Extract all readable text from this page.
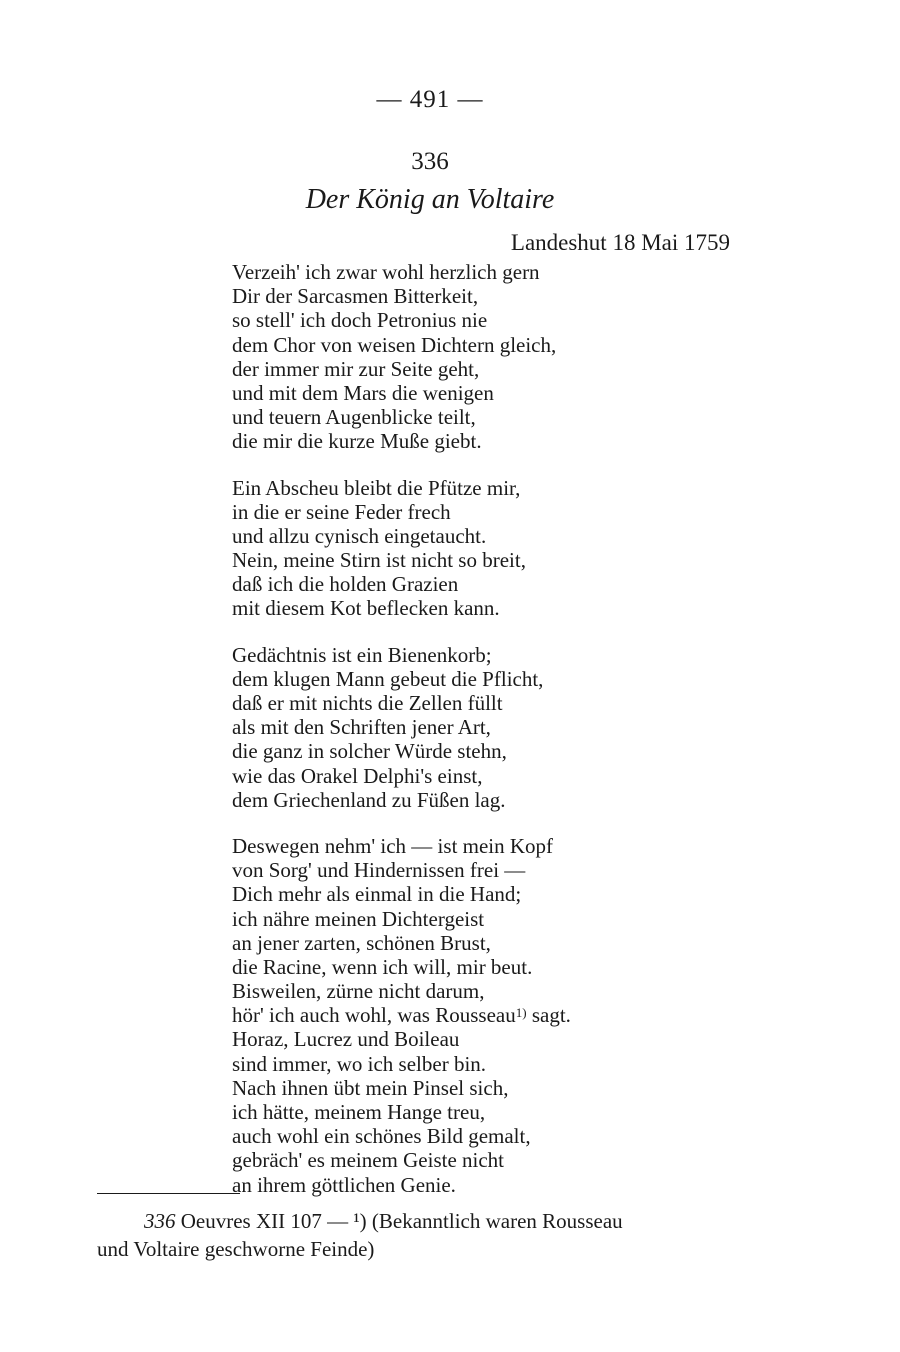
— 491 —
336
Der König an Voltaire
Landeshut 18 Mai 1759
Verzeih' ich zwar wohl herzlich gern
Dir der Sarcasmen Bitterkeit,
so stell' ich doch Petronius nie
dem Chor von weisen Dichtern gleich,
der immer mir zur Seite geht,
und mit dem Mars die wenigen
und teuern Augenblicke teilt,
die mir die kurze Muße giebt.
Ein Abscheu bleibt die Pfütze mir,
in die er seine Feder frech
und allzu cynisch eingetaucht.
Nein, meine Stirn ist nicht so breit,
daß ich die holden Grazien
mit diesem Kot beflecken kann.
Gedächtnis ist ein Bienenkorb;
dem klugen Mann gebeut die Pflicht,
daß er mit nichts die Zellen füllt
als mit den Schriften jener Art,
die ganz in solcher Würde stehn,
wie das Orakel Delphi's einst,
dem Griechenland zu Füßen lag.
Deswegen nehm' ich — ist mein Kopf
von Sorg' und Hindernissen frei —
Dich mehr als einmal in die Hand;
ich nähre meinen Dichtergeist
an jener zarten, schönen Brust,
die Racine, wenn ich will, mir beut.
Bisweilen, zürne nicht darum,
hör' ich auch wohl, was Rousseau$^{1)}$ sagt.
Horaz, Lucrez und Boileau
sind immer, wo ich selber bin.
Nach ihnen übt mein Pinsel sich,
ich hätte, meinem Hange treu,
auch wohl ein schönes Bild gemalt,
gebräch' es meinem Geiste nicht
an ihrem göttlichen Genie.
336 Oeuvres XII 107 — ¹) (Bekanntlich waren Rousseau
und Voltaire geschworne Feinde)
